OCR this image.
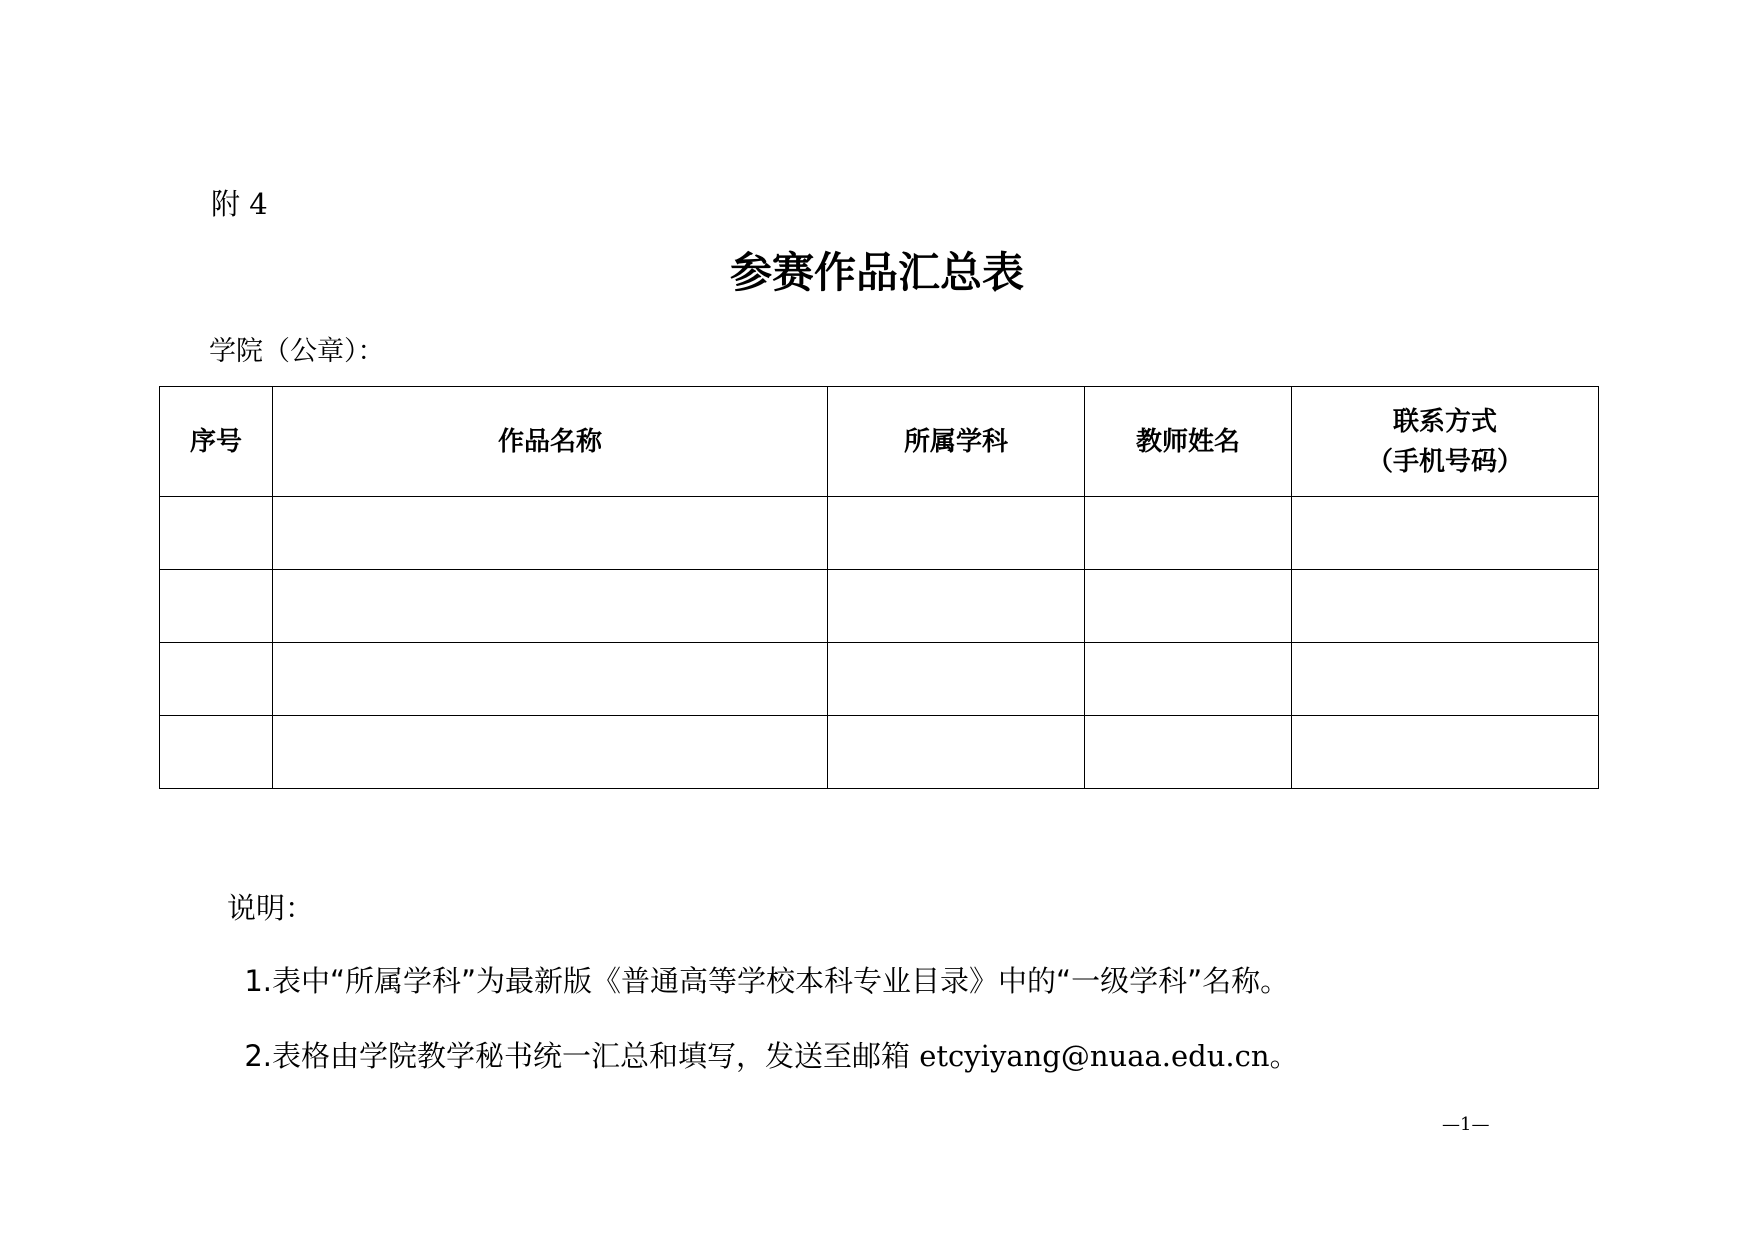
附 4
参赛作品汇总表
学院（公章）：
序号	作品名称	所属学科	教师姓名	联系方式
（手机号码）

说明：
1.表中“所属学科”为最新版《普通高等学校本科专业目录》中的“一级学科”名称。
2.表格由学院教学秘书统一汇总和填写，发送至邮箱 etcyiyang@nuaa.edu.cn。
—1—
